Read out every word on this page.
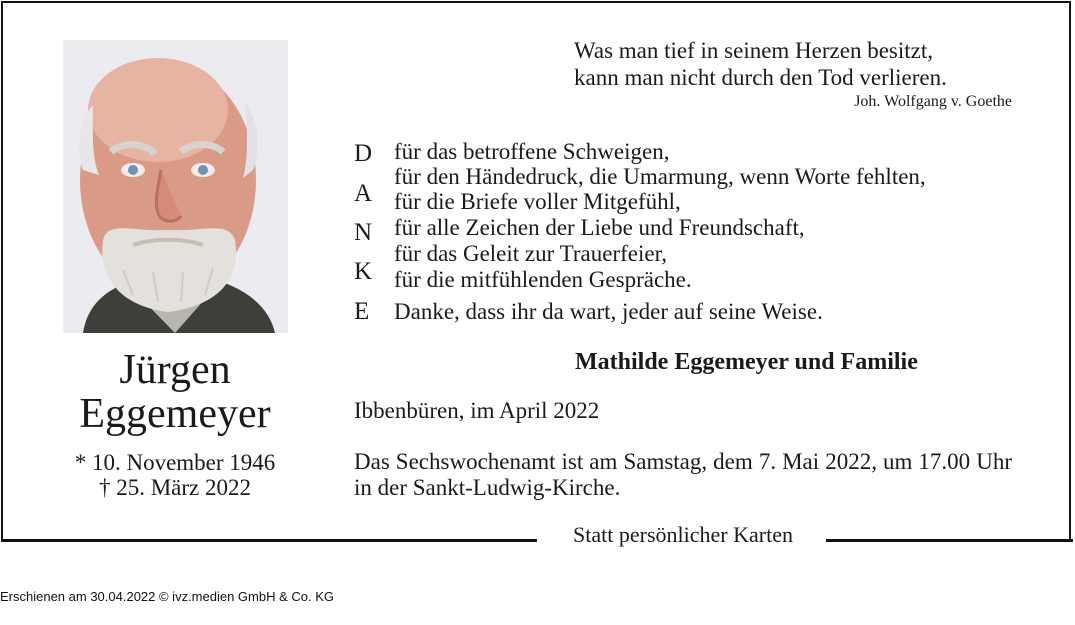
Statt persönlicher Karten
Jürgen
Eggemeyer
* 10. November 1946
† 25. März 2022
Was man tief in seinem Herzen besitzt,
kann man nicht durch den Tod verlieren.
Joh. Wolfgang v. Goethe
D
A
N
K
E
für das betroffene Schweigen,
für den Händedruck, die Umarmung, wenn Worte fehlten,
für die Briefe voller Mitgefühl,
für alle Zeichen der Liebe und Freundschaft,
für das Geleit zur Trauerfeier,
für die mitfühlenden Gespräche.
Danke, dass ihr da wart, jeder auf seine Weise.
Mathilde Eggemeyer und Familie
Ibbenbüren, im April 2022
Das Sechswochenamt ist am Samstag, dem 7. Mai 2022, um 17.00 Uhr in der Sankt-Ludwig-Kirche.
Erschienen am 30.04.2022 © ivz.medien GmbH & Co. KG
